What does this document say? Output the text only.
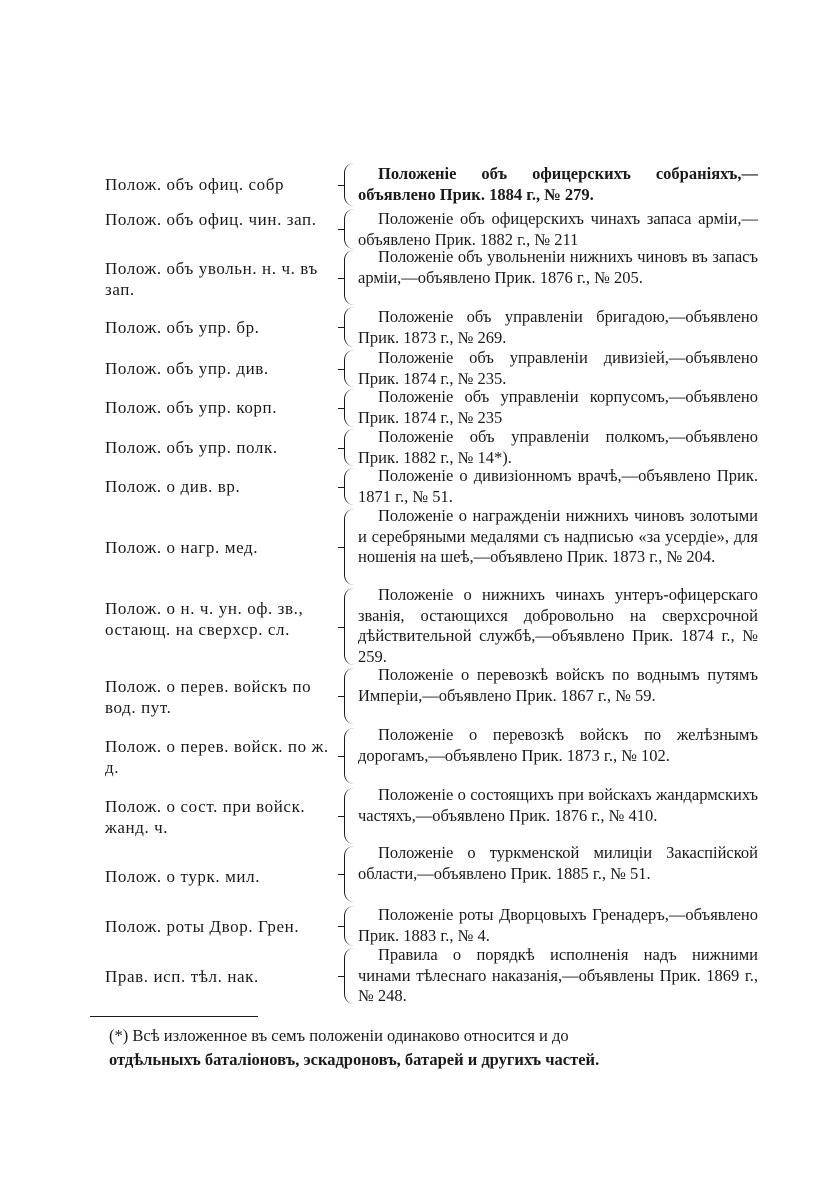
Полож. объ офиц. собр
Положеніе объ офицерскихъ собраніяхъ,—объявлено Прик. 1884 г., № 279.
Полож. объ офиц. чин. зап.	Положеніе объ офицерскихъ чинахъ запаса арміи,—объявлено Прик. 1882 г., № 211
Полож. объ увольн. н. ч. въ зап.
Положеніе объ увольненіи нижнихъ чиновъ въ запасъ арміи,—объявлено Прик. 1876 г., № 205.
Полож. объ упр. бр.
Положеніе объ управленіи бригадою,—объявлено Прик. 1873 г., № 269.
Полож. объ упр. див.
Положеніе объ управленіи дивизіей,—объявлено Прик. 1874 г., № 235.
Полож. объ упр. корп.
Положеніе объ управленіи корпусомъ,—объявлено Прик. 1874 г., № 235
Полож. объ упр. полк.
Положеніе объ управленіи полкомъ,—объявлено Прик. 1882 г., № 14*).
Полож. о див. вр.
Положеніе о дивизіонномъ врачѣ,—объявлено Прик. 1871 г., № 51.
Полож. о нагр. мед.
Положеніе о награжденіи нижнихъ чиновъ золотыми и серебряными медалями съ надписью «за усердіе», для ношенія на шеѣ,—объявлено Прик. 1873 г., № 204.
Полож. о н. ч. ун. оф. зв., остающ. на сверхср. сл.
Положеніе о нижнихъ чинахъ унтеръ-офицерскаго званія, остающихся добровольно на сверхсрочной дѣйствительной службѣ,—объявлено Прик. 1874 г., № 259.
Полож. о перев. войскъ по вод. пут.
Положеніе о перевозкѣ войскъ по воднымъ путямъ Имперіи,—объявлено Прик. 1867 г., № 59.
Полож. о перев. войск. по ж. д.
Положеніе о перевозкѣ войскъ по желѣзнымъ дорогамъ,—объявлено Прик. 1873 г., № 102.
Полож. о сост. при войск. жанд. ч.
Положеніе о состоящихъ при войскахъ жандармскихъ частяхъ,—объявлено Прик. 1876 г., № 410.
Полож. о турк. мил.
Положеніе о туркменской милиціи Закаспійской области,—объявлено Прик. 1885 г., № 51.
Полож. роты Двор. Грен.
Положеніе роты Дворцовыхъ Гренадеръ,—объявлено Прик. 1883 г., № 4.
Прав. исп. тѣл. нак.
Правила о порядкѣ исполненія надъ нижними чинами тѣлеснаго наказанія,—объявлены Прик. 1869 г., № 248.
(*) Всѣ изложенное въ семъ положеніи одинаково относится и до
отдѣльныхъ баталіоновъ, эскадроновъ, батарей и другихъ частей.
